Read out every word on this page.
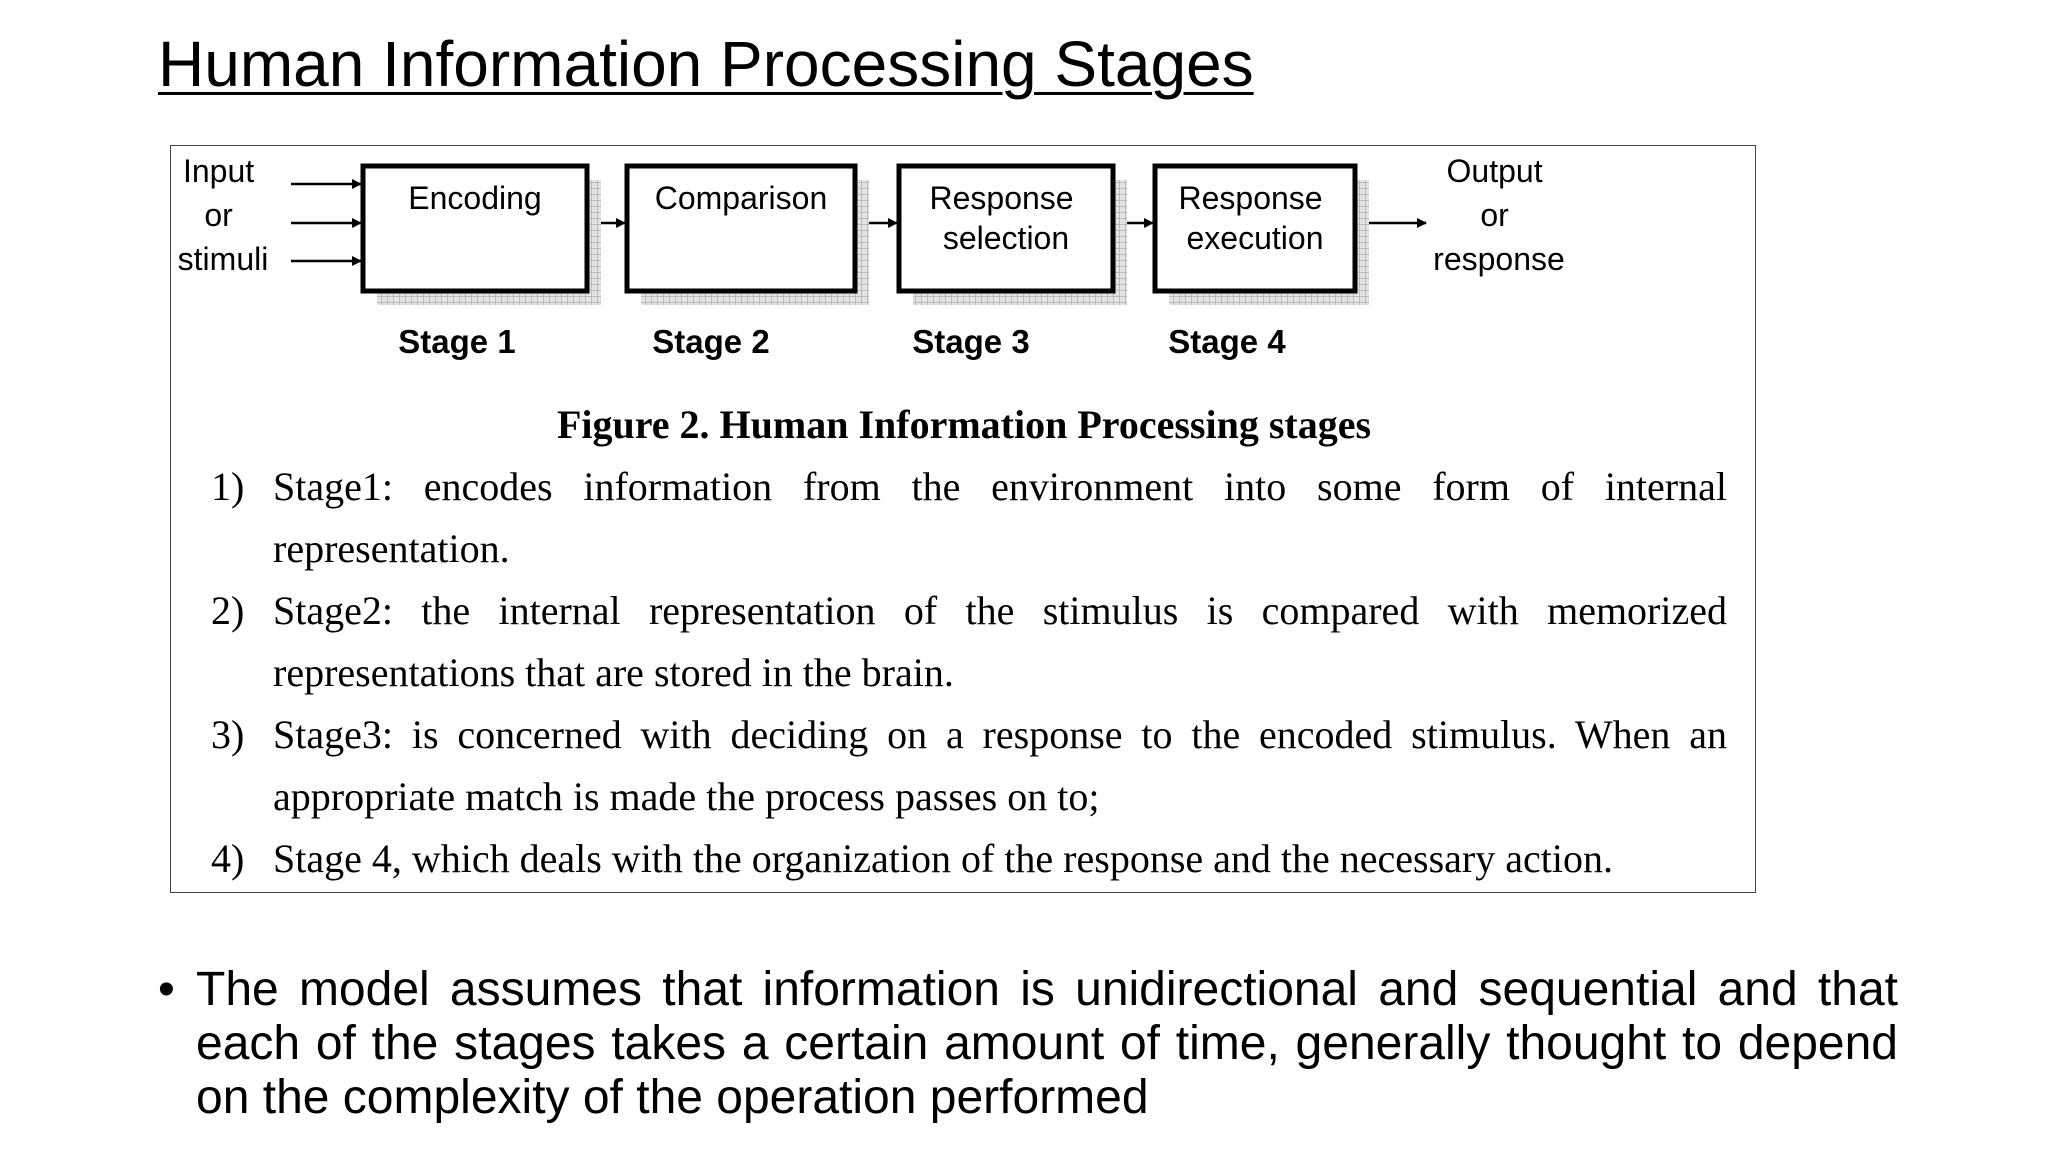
Human Information Processing Stages
Input or stimuli
Encoding	Comparison	Response selection
Response execution
Output or response
Stage 1	Stage 2	Stage 3	Stage 4

Figure 2. Human Information Processing stages

1) Stage1: encodes information from the environment into some form of internal representation.
2) Stage2: the internal representation of the stimulus is compared with memorized representations that are stored in the brain.
3) Stage3: is concerned with deciding on a response to the encoded stimulus. When an appropriate match is made the process passes on to;
4) Stage 4, which deals with the organization of the response and the necessary action.
• The model assumes that information is unidirectional and sequential and that each of the stages takes a certain amount of time, generally thought to depend on the complexity of the operation performed
